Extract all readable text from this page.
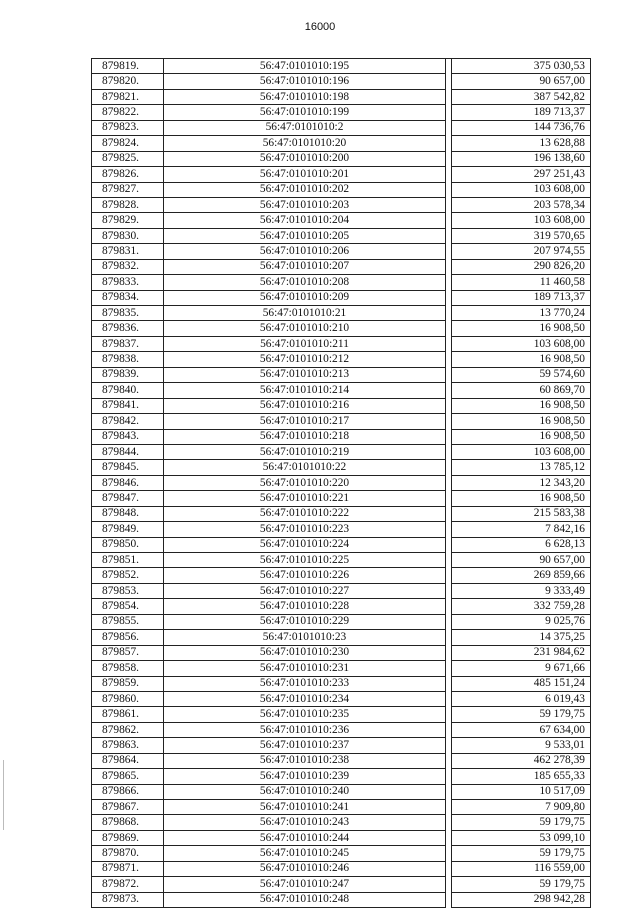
16000
879819.	56:47:0101010:195		375 030,53
879820.	56:47:0101010:196		90 657,00
879821.	56:47:0101010:198		387 542,82
879822.	56:47:0101010:199		189 713,37
879823.	56:47:0101010:2		144 736,76
879824.	56:47:0101010:20		13 628,88
879825.	56:47:0101010:200		196 138,60
879826.	56:47:0101010:201		297 251,43
879827.	56:47:0101010:202		103 608,00
879828.	56:47:0101010:203		203 578,34
879829.	56:47:0101010:204		103 608,00
879830.	56:47:0101010:205		319 570,65
879831.	56:47:0101010:206		207 974,55
879832.	56:47:0101010:207		290 826,20
879833.	56:47:0101010:208		11 460,58
879834.	56:47:0101010:209		189 713,37
879835.	56:47:0101010:21		13 770,24
879836.	56:47:0101010:210		16 908,50
879837.	56:47:0101010:211		103 608,00
879838.	56:47:0101010:212		16 908,50
879839.	56:47:0101010:213		59 574,60
879840.	56:47:0101010:214		60 869,70
879841.	56:47:0101010:216		16 908,50
879842.	56:47:0101010:217		16 908,50
879843.	56:47:0101010:218		16 908,50
879844.	56:47:0101010:219		103 608,00
879845.	56:47:0101010:22		13 785,12
879846.	56:47:0101010:220		12 343,20
879847.	56:47:0101010:221		16 908,50
879848.	56:47:0101010:222		215 583,38
879849.	56:47:0101010:223		7 842,16
879850.	56:47:0101010:224		6 628,13
879851.	56:47:0101010:225		90 657,00
879852.	56:47:0101010:226		269 859,66
879853.	56:47:0101010:227		9 333,49
879854.	56:47:0101010:228		332 759,28
879855.	56:47:0101010:229		9 025,76
879856.	56:47:0101010:23		14 375,25
879857.	56:47:0101010:230		231 984,62
879858.	56:47:0101010:231		9 671,66
879859.	56:47:0101010:233		485 151,24
879860.	56:47:0101010:234		6 019,43
879861.	56:47:0101010:235		59 179,75
879862.	56:47:0101010:236		67 634,00
879863.	56:47:0101010:237		9 533,01
879864.	56:47:0101010:238		462 278,39
879865.	56:47:0101010:239		185 655,33
879866.	56:47:0101010:240		10 517,09
879867.	56:47:0101010:241		7 909,80
879868.	56:47:0101010:243		59 179,75
879869.	56:47:0101010:244		53 099,10
879870.	56:47:0101010:245		59 179,75
879871.	56:47:0101010:246		116 559,00
879872.	56:47:0101010:247		59 179,75
879873.	56:47:0101010:248		298 942,28
